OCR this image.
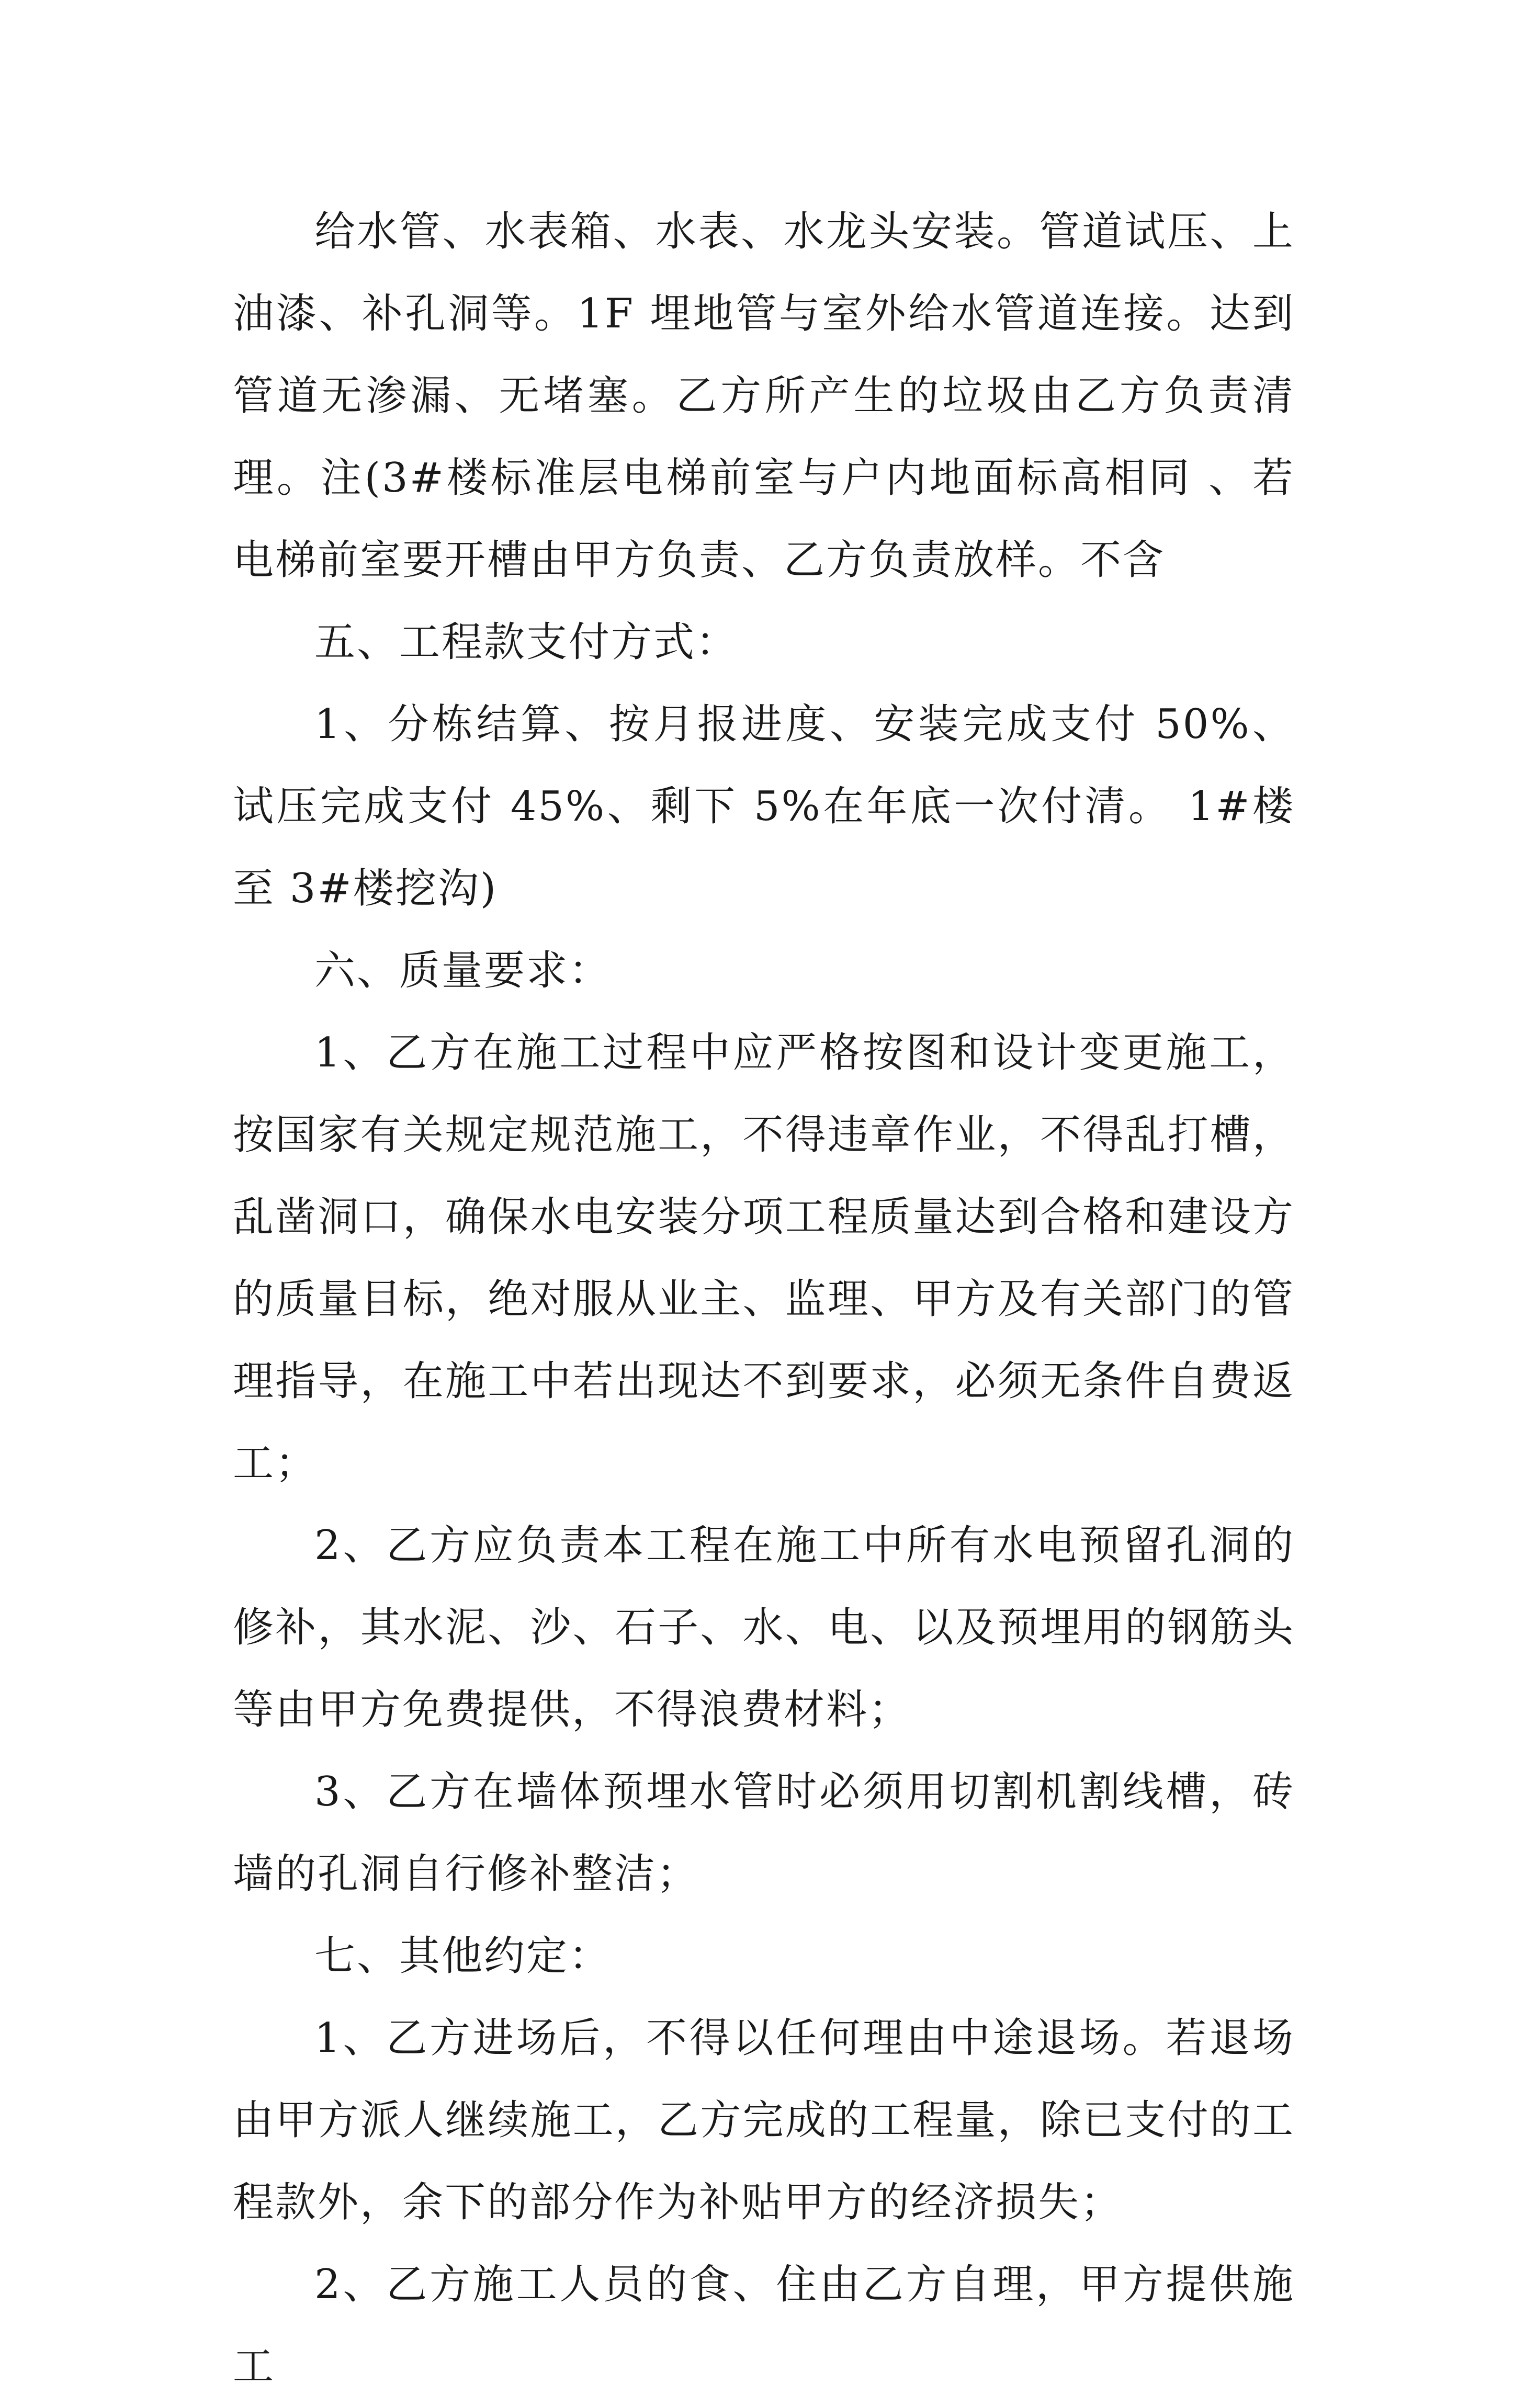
给水管、水表箱、水表、水龙头安装。管道试压、上油漆、补孔洞等。1F 埋地管与室外给水管道连接。达到管道无渗漏、无堵塞。乙方所产生的垃圾由乙方负责清理。注(3#楼标准层电梯前室与户内地面标高相同 、若电梯前室要开槽由甲方负责、乙方负责放样。不含

五、工程款支付方式：

1、分栋结算、按月报进度、安装完成支付 50%、试压完成支付 45%、剩下 5%在年底一次付清。 1#楼至 3#楼挖沟)

六、质量要求：

1、乙方在施工过程中应严格按图和设计变更施工，按国家有关规定规范施工，不得违章作业，不得乱打槽，乱凿洞口，确保水电安装分项工程质量达到合格和建设方的质量目标，绝对服从业主、监理、甲方及有关部门的管理指导，在施工中若出现达不到要求，必须无条件自费返工；

2、乙方应负责本工程在施工中所有水电预留孔洞的修补，其水泥、沙、石子、水、电、以及预埋用的钢筋头等由甲方免费提供，不得浪费材料；

3、乙方在墙体预埋水管时必须用切割机割线槽，砖墙的孔洞自行修补整洁；

七、其他约定：

1、乙方进场后，不得以任何理由中途退场。若退场由甲方派人继续施工，乙方完成的工程量，除已支付的工程款外，余下的部分作为补贴甲方的经济损失；

2、乙方施工人员的食、住由乙方自理，甲方提供施工
